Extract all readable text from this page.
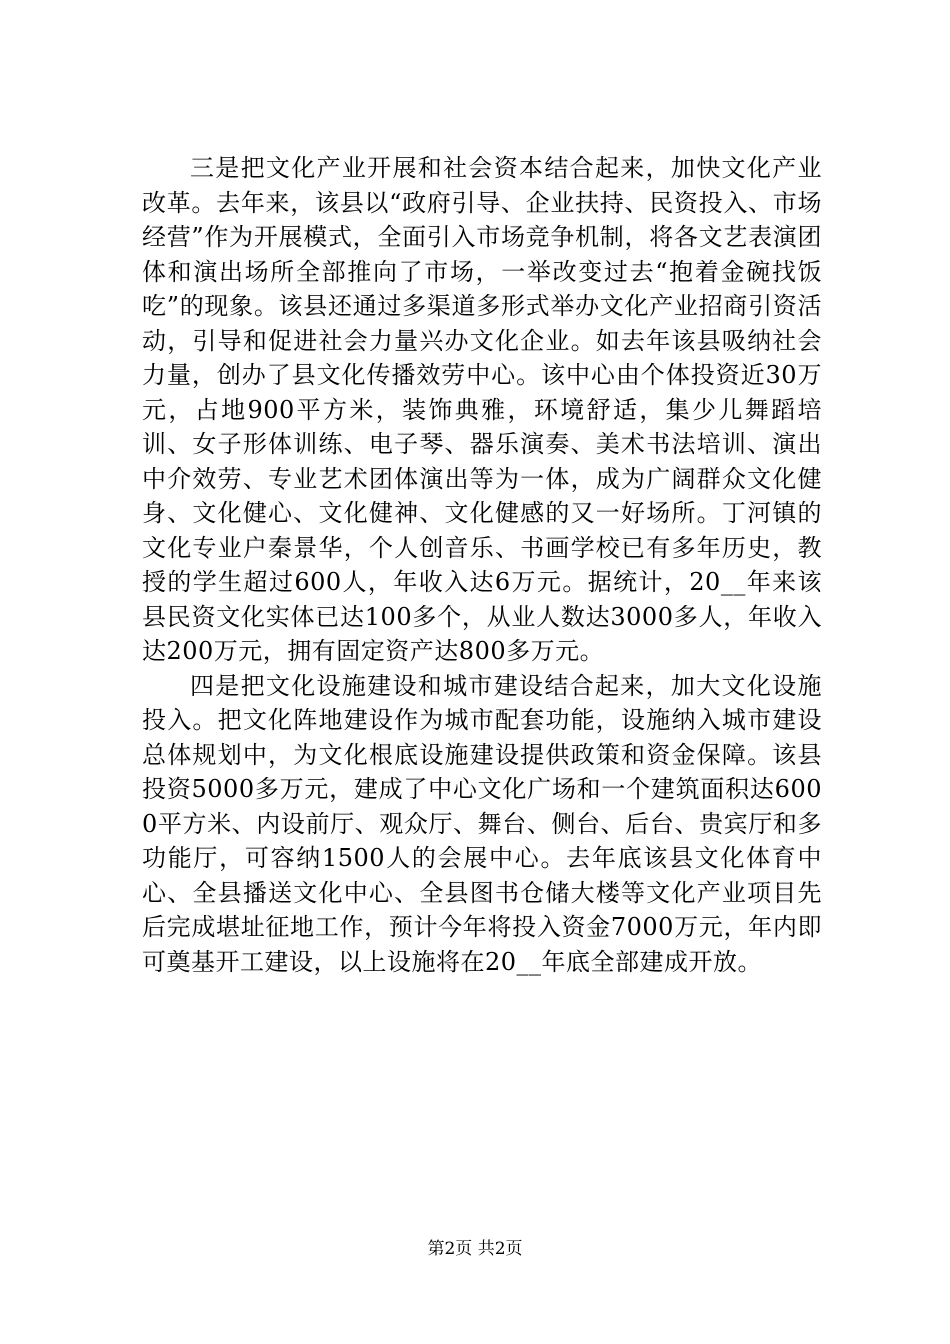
三是把文化产业开展和社会资本结合起来，加快文化产业改革。去年来，该县以“政府引导、企业扶持、民资投入、市场经营”作为开展模式，全面引入市场竞争机制，将各文艺表演团体和演出场所全部推向了市场，一举改变过去“抱着金碗找饭吃”的现象。该县还通过多渠道多形式举办文化产业招商引资活动，引导和促进社会力量兴办文化企业。如去年该县吸纳社会力量，创办了县文化传播效劳中心。该中心由个体投资近30万元，占地900平方米，装饰典雅，环境舒适，集少儿舞蹈培训、女子形体训练、电子琴、器乐演奏、美术书法培训、演出中介效劳、专业艺术团体演出等为一体，成为广阔群众文化健身、文化健心、文化健神、文化健感的又一好场所。丁河镇的文化专业户秦景华，个人创音乐、书画学校已有多年历史，教授的学生超过600人，年收入达6万元。据统计，20__年来该县民资文化实体已达100多个，从业人数达3000多人，年收入达200万元，拥有固定资产达800多万元。

四是把文化设施建设和城市建设结合起来，加大文化设施投入。把文化阵地建设作为城市配套功能，设施纳入城市建设总体规划中，为文化根底设施建设提供政策和资金保障。该县投资5000多万元，建成了中心文化广场和一个建筑面积达6000平方米、内设前厅、观众厅、舞台、侧台、后台、贵宾厅和多功能厅，可容纳1500人的会展中心。去年底该县文化体育中心、全县播送文化中心、全县图书仓储大楼等文化产业项目先后完成堪址征地工作，预计今年将投入资金7000万元，年内即可奠基开工建设，以上设施将在20__年底全部建成开放。

第2页 共2页
